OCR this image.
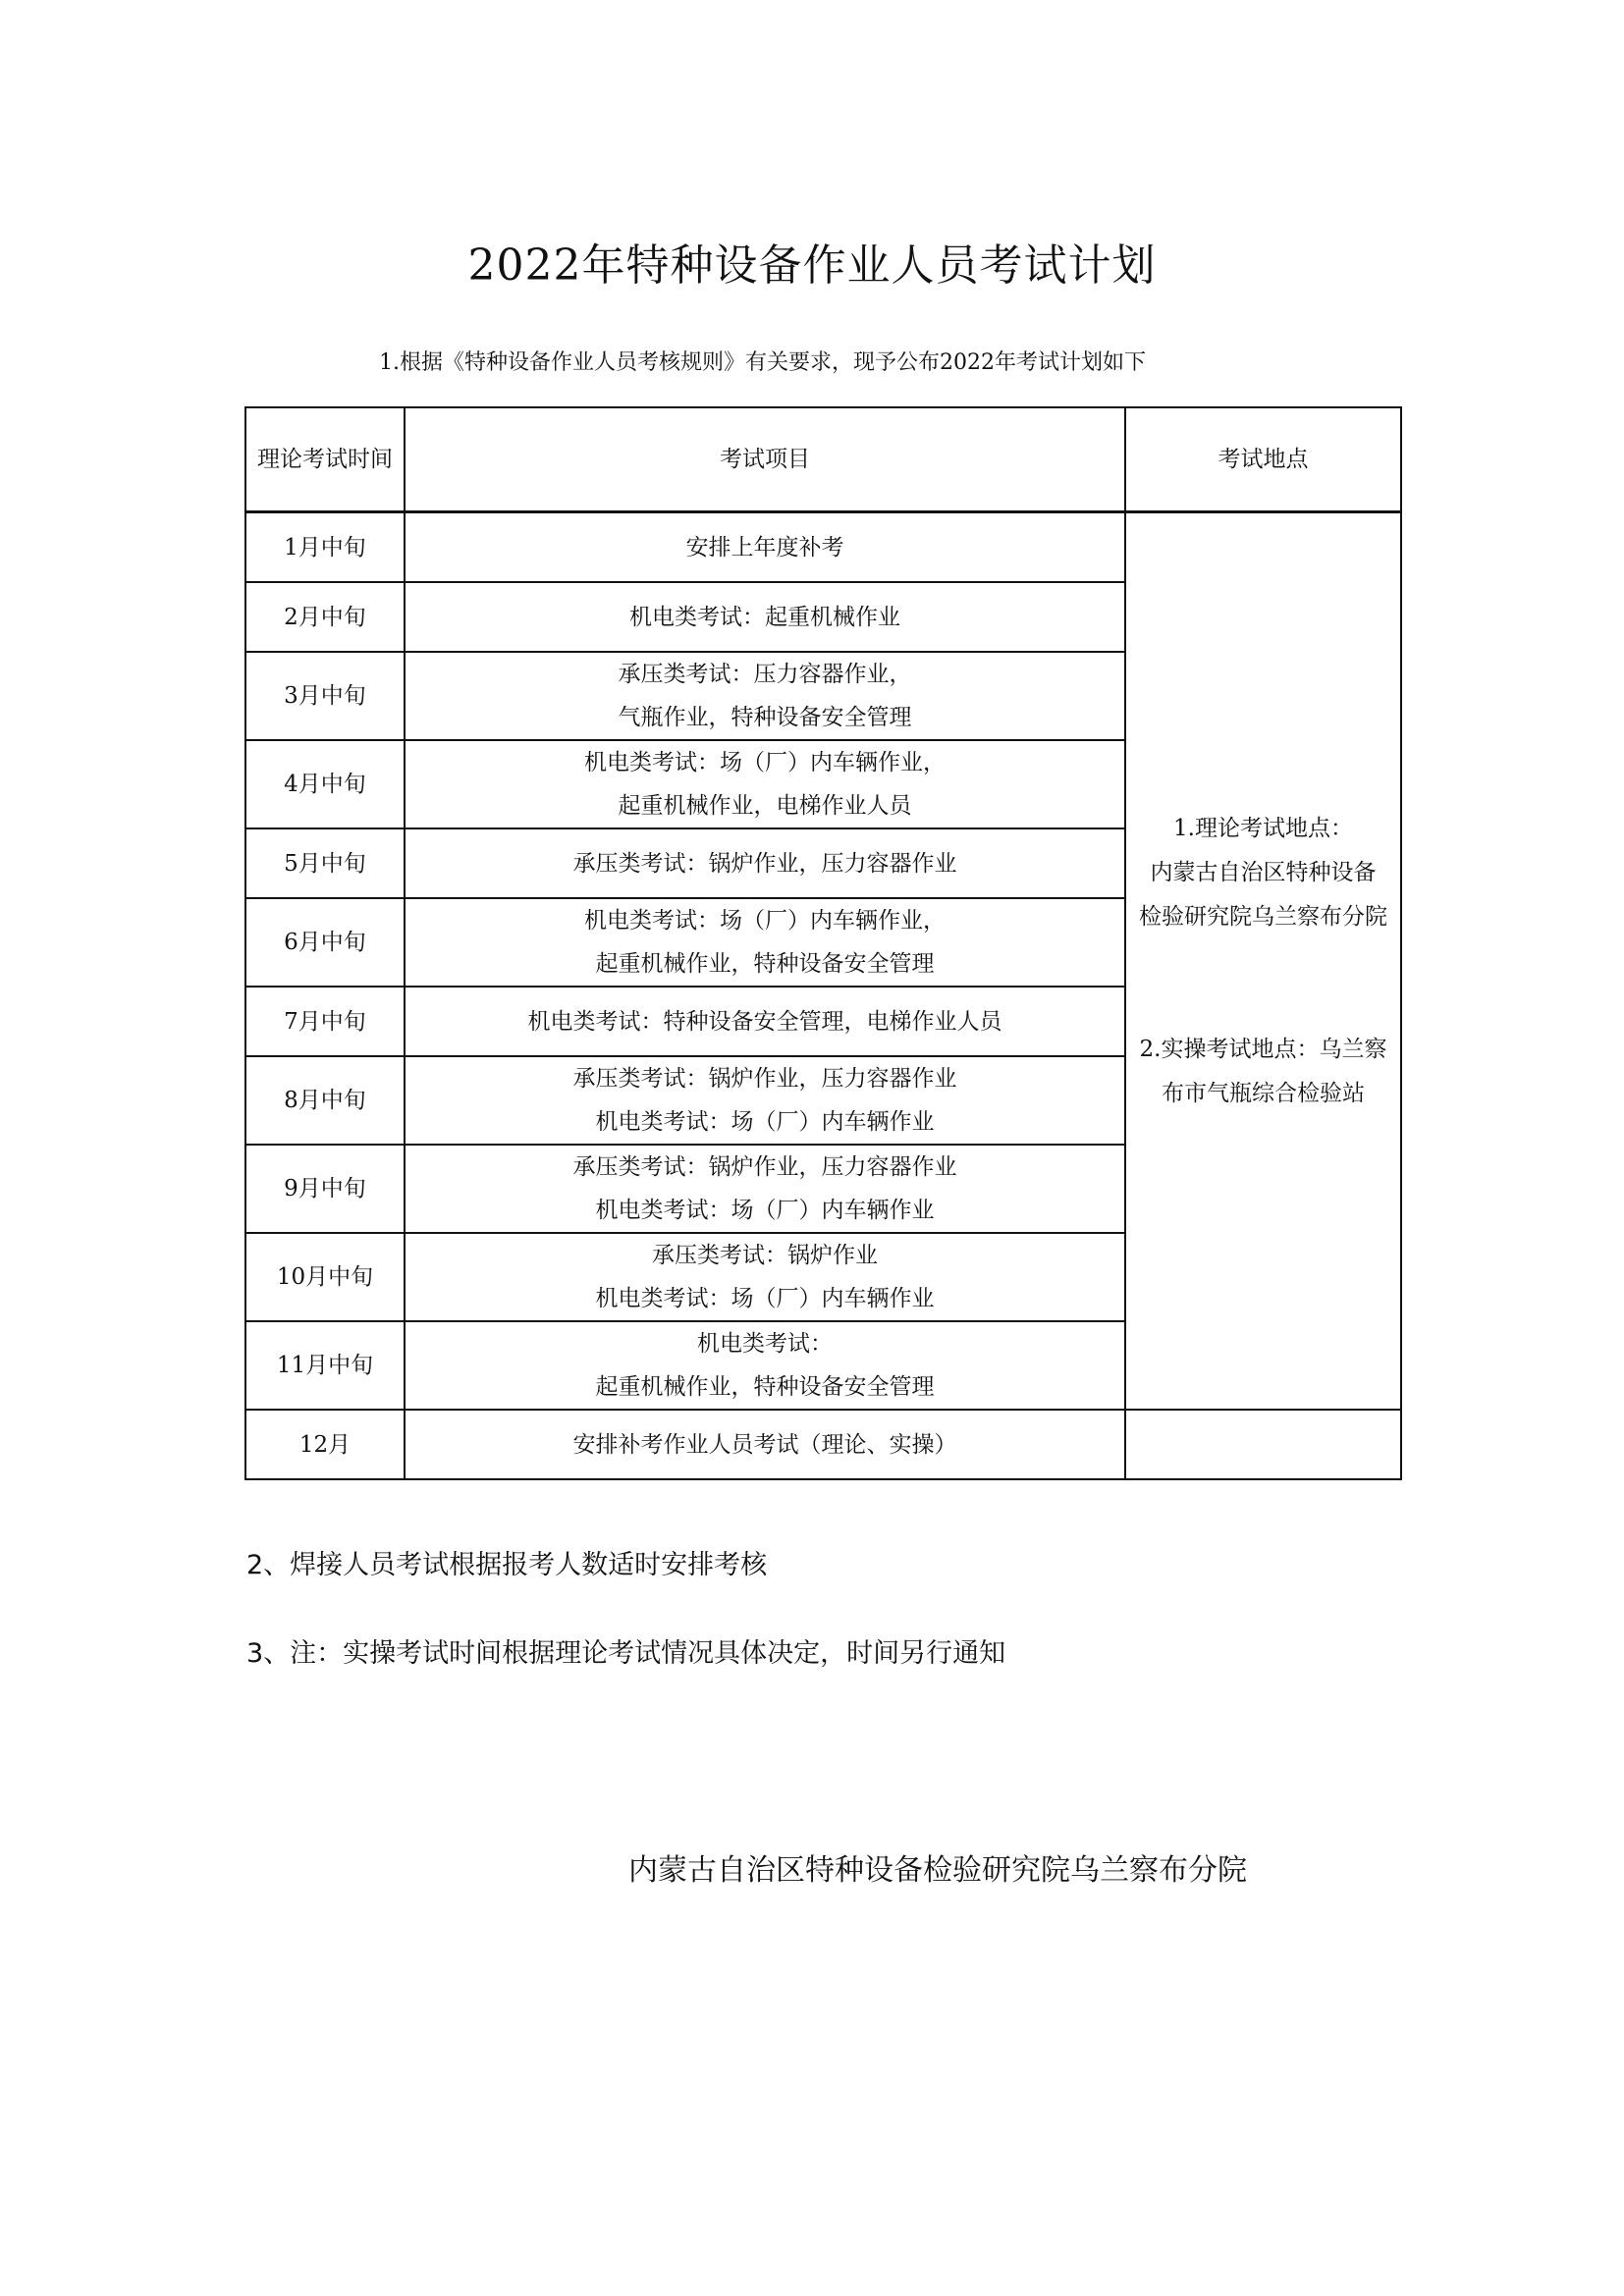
2022年特种设备作业人员考试计划

1.根据《特种设备作业人员考核规则》有关要求，现予公布2022年考试计划如下

理论考试时间	考试项目	考试地点
1月中旬	安排上年度补考	1.理论考试地点：
内蒙古自治区特种设备
检验研究院乌兰察布分院
2.实操考试地点：乌兰察
布市气瓶综合检验站

2月中旬	机电类考试：起重机械作业	

3月中旬	承压类考试：压力容器作业，
气瓶作业，特种设备安全管理	

4月中旬	机电类考试：场（厂）内车辆作业，
起重机械作业，电梯作业人员	

5月中旬	承压类考试：锅炉作业，压力容器作业	

6月中旬	机电类考试：场（厂）内车辆作业，
起重机械作业，特种设备安全管理	

7月中旬	机电类考试：特种设备安全管理，电梯作业人员	

8月中旬	承压类考试：锅炉作业，压力容器作业
机电类考试：场（厂）内车辆作业	

9月中旬	承压类考试：锅炉作业，压力容器作业
机电类考试：场（厂）内车辆作业	

10月中旬	承压类考试：锅炉作业
机电类考试：场（厂）内车辆作业	

11月中旬	机电类考试：
起重机械作业，特种设备安全管理	

12月	安排补考作业人员考试（理论、实操）	

2、焊接人员考试根据报考人数适时安排考核

3、注：实操考试时间根据理论考试情况具体决定，时间另行通知

内蒙古自治区特种设备检验研究院乌兰察布分院
